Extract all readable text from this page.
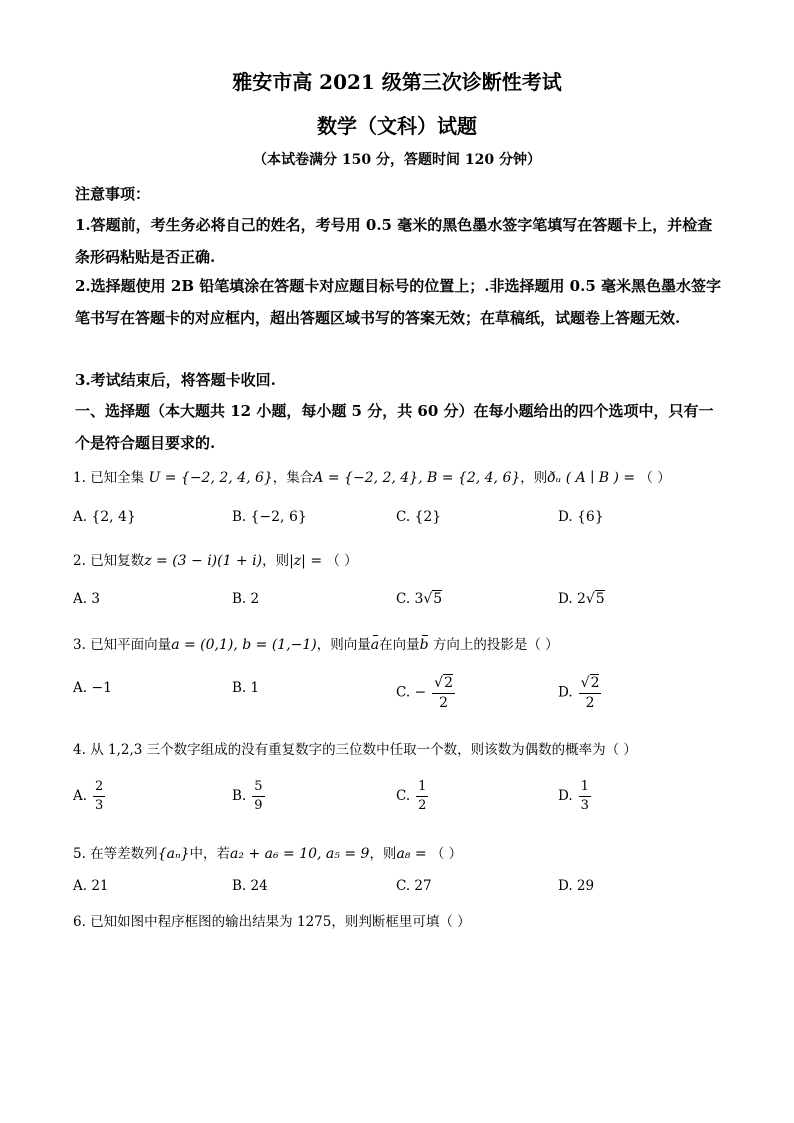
雅安市高 2021 级第三次诊断性考试
数学（文科）试题
（本试卷满分 150 分，答题时间 120 分钟）
注意事项：
1.答题前，考生务必将自己的姓名，考号用 0.5 毫米的黑色墨水签字笔填写在答题卡上，并检查条形码粘贴是否正确.
2.选择题使用 2B 铅笔填涂在答题卡对应题目标号的位置上；.非选择题用 0.5 毫米黑色墨水签字笔书写在答题卡的对应框内，超出答题区域书写的答案无效；在草稿纸，试题卷上答题无效.
3.考试结束后，将答题卡收回.
一、选择题（本大题共 12 小题，每小题 5 分，共 60 分）在每小题给出的四个选项中，只有一个是符合题目要求的.
1. 已知全集 U = {−2, 2, 4, 6}，集合A = {−2, 2, 4}, B = {2, 4, 6}，则ðᵤ ( A ∣ B ) = （ ）
A. {2, 4}	B. {−2, 6}	C. {2}	D. {6}
2. 已知复数z = (3 − i)(1 + i)，则|z| = （ ）
A. 3	B. 2	C. 3√5	D. 2√5
3. 已知平面向量a = (0,1), b = (1,−1)，则向量a在向量b 方向上的投影是（ ）
A. −1	B. 1	C. − $\frac{√2}{2}$	D. $\frac{√2}{2}$
4. 从 1,2,3 三个数字组成的没有重复数字的三位数中任取一个数，则该数为偶数的概率为（ ）
A. $\frac{2}{3}$	B. $\frac{5}{9}$	C. $\frac{1}{2}$	D. $\frac{1}{3}$
5. 在等差数列{aₙ}中，若a₂ + a₆ = 10, a₅ = 9，则a₈ = （ ）
A. 21	B. 24	C. 27	D. 29
6. 已知如图中程序框图的输出结果为 1275，则判断框里可填（ ）
